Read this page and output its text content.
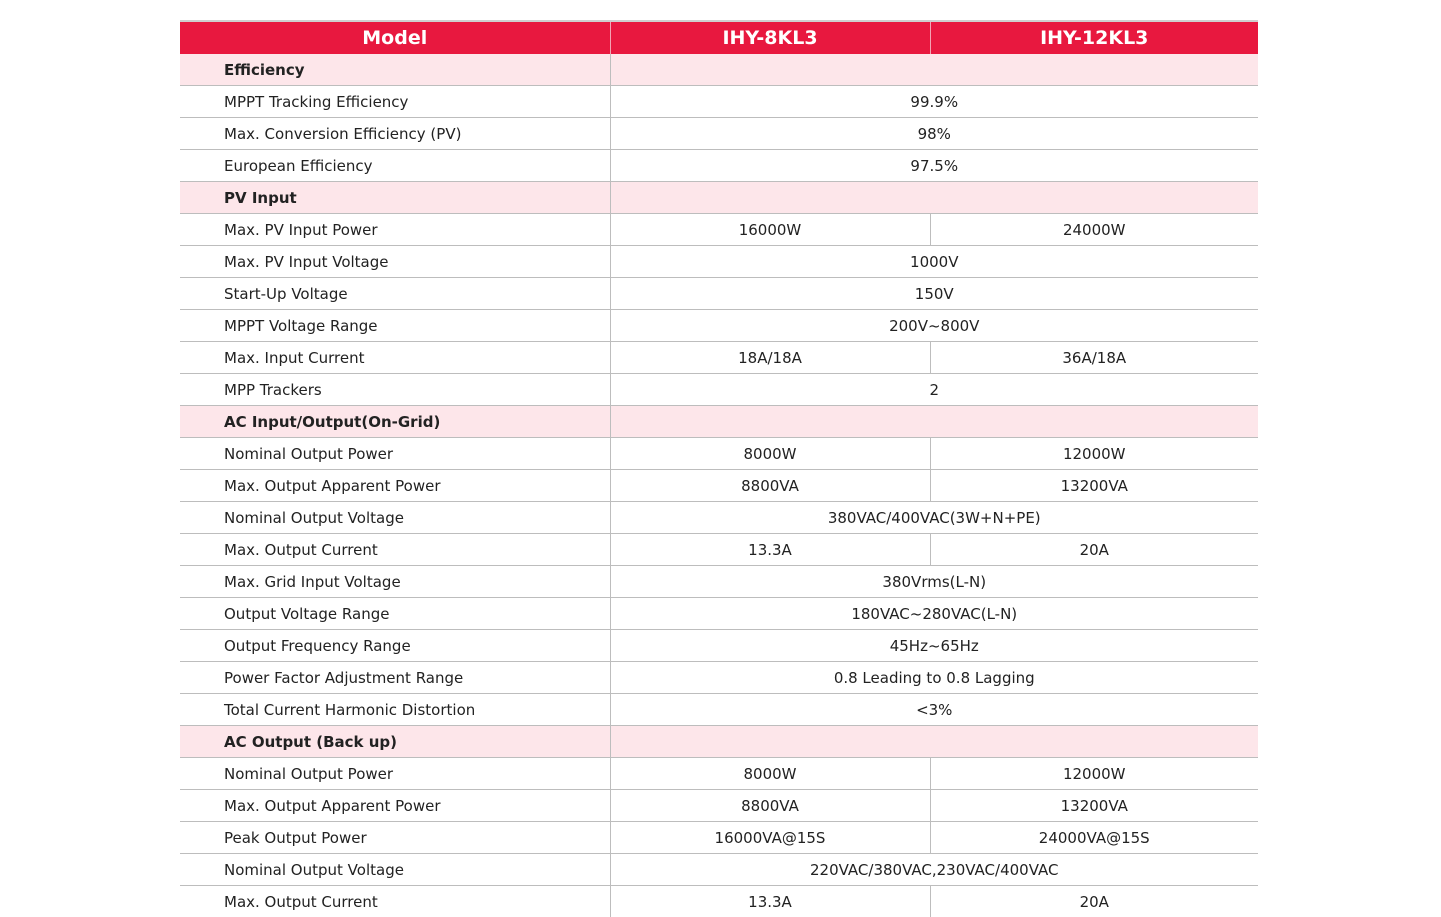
Model	IHY-8KL3	IHY-12KL3
Efficiency		
MPPT Tracking Efficiency	99.9%	
Max. Conversion Efficiency (PV)	98%	
European Efficiency	97.5%	
PV Input		
Max. PV Input Power	16000W	24000W
Max. PV Input Voltage	1000V	
Start-Up Voltage	150V	
MPPT Voltage Range	200V~800V	
Max. Input Current	18A/18A	36A/18A
MPP Trackers	2	
AC Input/Output(On-Grid)		
Nominal Output Power	8000W	12000W
Max. Output Apparent Power	8800VA	13200VA
Nominal Output Voltage	380VAC/400VAC(3W+N+PE)	
Max. Output Current	13.3A	20A
Max. Grid Input Voltage	380Vrms(L-N)	
Output Voltage Range	180VAC~280VAC(L-N)	
Output Frequency Range	45Hz~65Hz	
Power Factor Adjustment Range	0.8 Leading to 0.8 Lagging	
Total Current Harmonic Distortion	<3%	
AC Output (Back up)		
Nominal Output Power	8000W	12000W
Max. Output Apparent Power	8800VA	13200VA
Peak Output Power	16000VA@15S	24000VA@15S
Nominal Output Voltage	220VAC/380VAC,230VAC/400VAC	
Max. Output Current	13.3A	20A
